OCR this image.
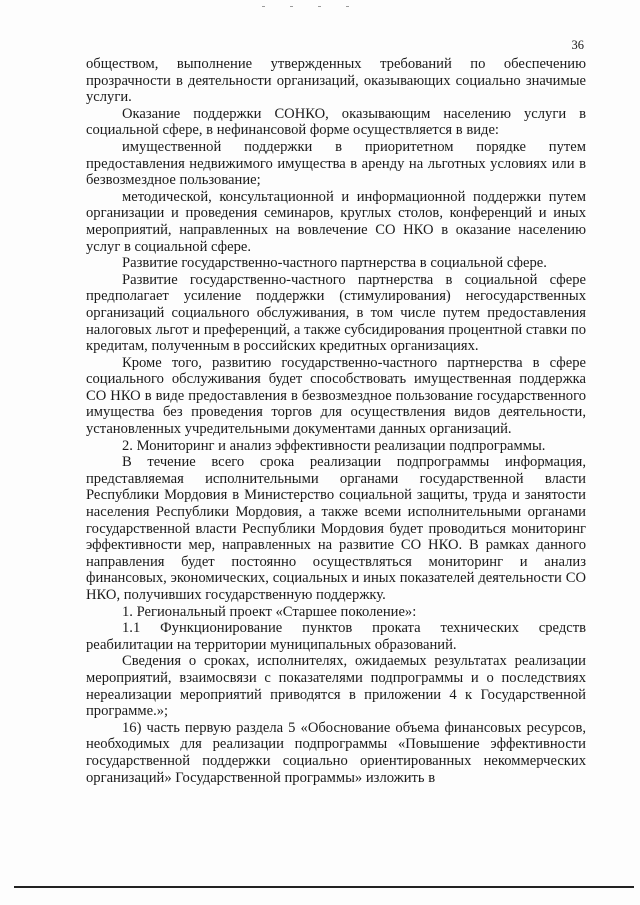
36

обществом, выполнение утвержденных требований по обеспечению прозрачности в деятельности организаций, оказывающих социально значимые услуги.

Оказание поддержки СОНКО, оказывающим населению услуги в социальной сфере, в нефинансовой форме осуществляется в виде:

имущественной поддержки в приоритетном порядке путем предоставления недвижимого имущества в аренду на льготных условиях или в безвозмездное пользование;

методической, консультационной и информационной поддержки путем организации и проведения семинаров, круглых столов, конференций и иных мероприятий, направленных на вовлечение СО НКО в оказание населению услуг в социальной сфере.

Развитие государственно-частного партнерства в социальной сфере.

Развитие государственно-частного партнерства в социальной сфере предполагает усиление поддержки (стимулирования) негосударственных организаций социального обслуживания, в том числе путем предоставления налоговых льгот и преференций, а также субсидирования процентной ставки по кредитам, полученным в российских кредитных организациях.

Кроме того, развитию государственно-частного партнерства в сфере социального обслуживания будет способствовать имущественная поддержка СО НКО в виде предоставления в безвозмездное пользование государственного имущества без проведения торгов для осуществления видов деятельности, установленных учредительными документами данных организаций.

2. Мониторинг и анализ эффективности реализации подпрограммы.

В течение всего срока реализации подпрограммы информация, представляемая исполнительными органами государственной власти Республики Мордовия в Министерство социальной защиты, труда и занятости населения Республики Мордовия, а также всеми исполнительными органами государственной власти Республики Мордовия будет проводиться мониторинг эффективности мер, направленных на развитие СО НКО. В рамках данного направления будет постоянно осуществляться мониторинг и анализ финансовых, экономических, социальных и иных показателей деятельности СО НКО, получивших государственную поддержку.

1. Региональный проект «Старшее поколение»:

1.1 Функционирование пунктов проката технических средств реабилитации на территории муниципальных образований.

Сведения о сроках, исполнителях, ожидаемых результатах реализации мероприятий, взаимосвязи с показателями подпрограммы и о последствиях нереализации мероприятий приводятся в приложении 4 к Государственной программе.»;

16) часть первую раздела 5 «Обоснование объема финансовых ресурсов, необходимых для реализации подпрограммы «Повышение эффективности государственной поддержки социально ориентированных некоммерческих организаций» Государственной программы» изложить в
